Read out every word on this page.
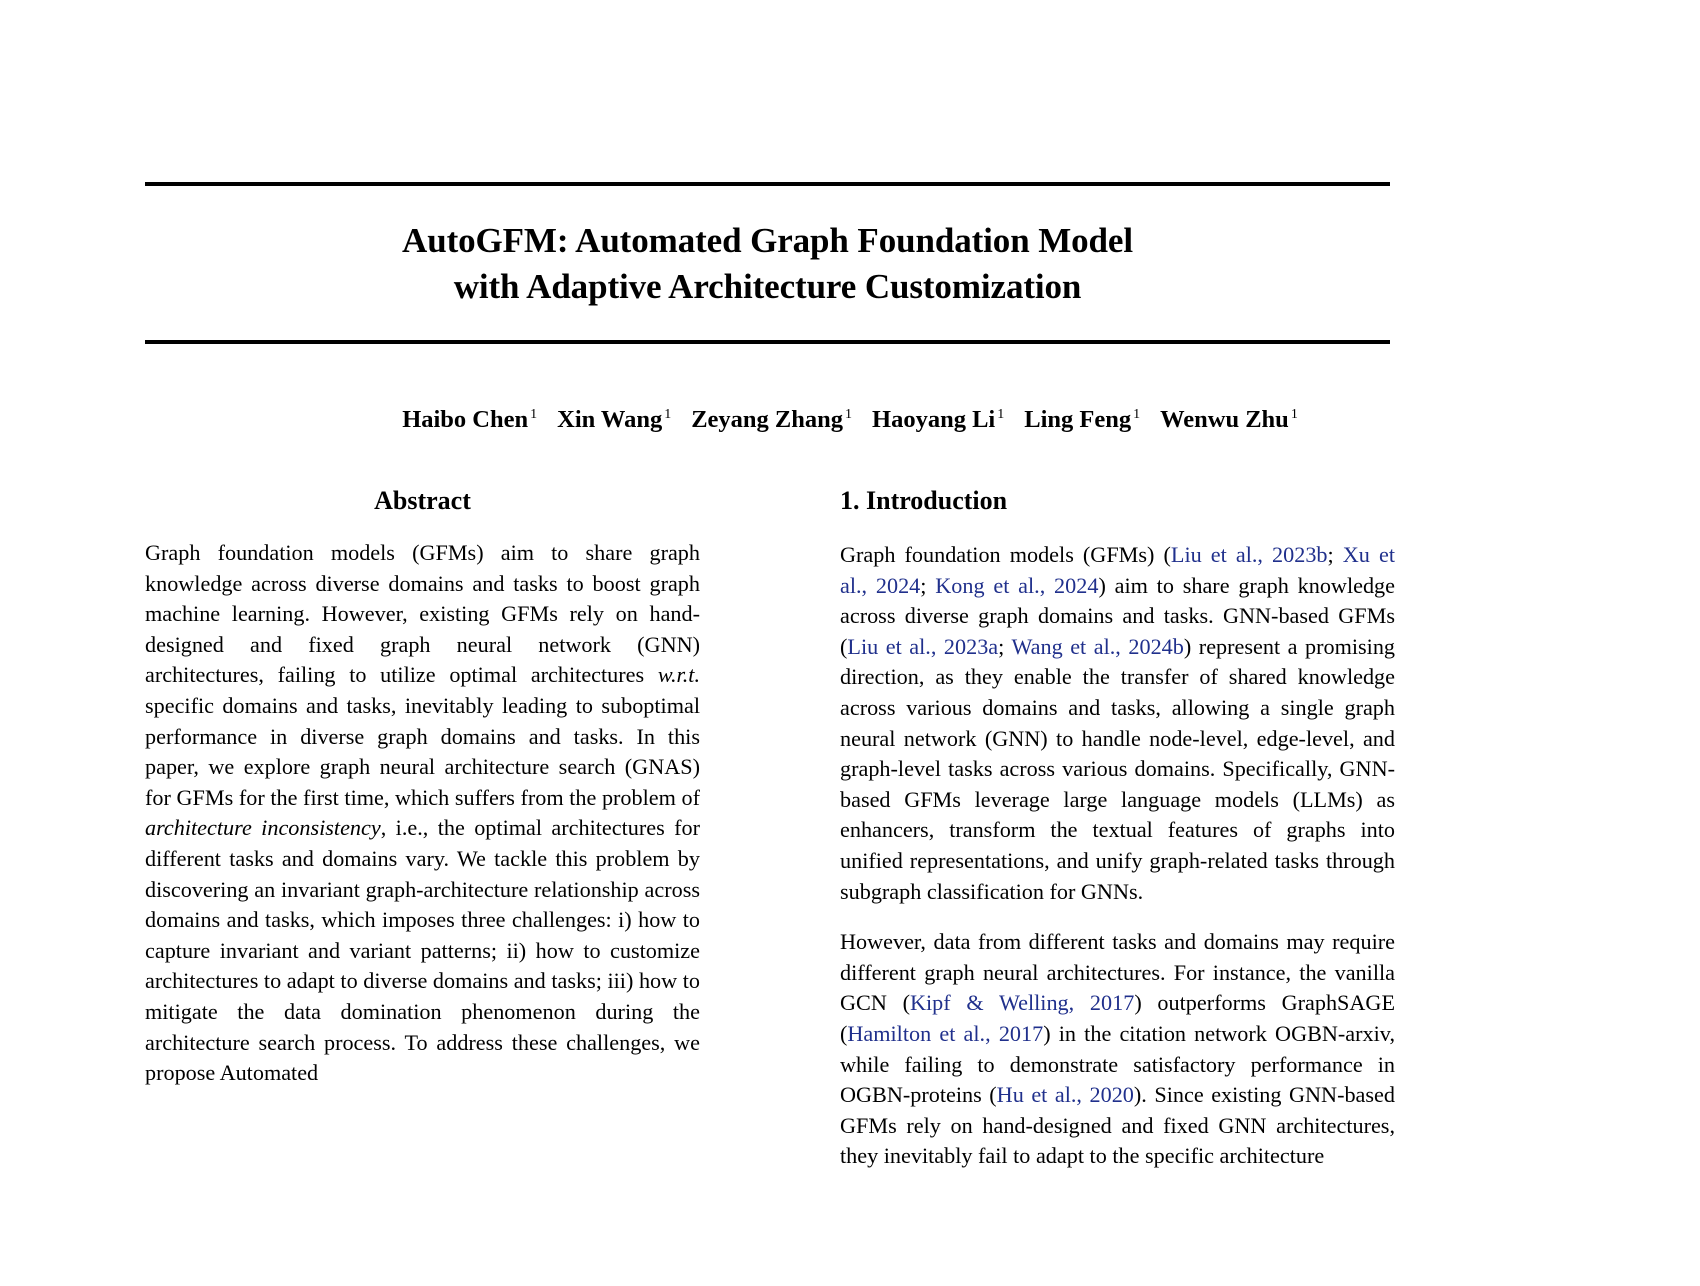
AutoGFM: Automated Graph Foundation Model
with Adaptive Architecture Customization
Haibo Chen $^1$ Xin Wang $^1$ Zeyang Zhang $^1$ Haoyang Li $^1$ Ling Feng $^1$ Wenwu Zhu $^1$
Abstract

Graph foundation models (GFMs) aim to share graph knowledge across diverse domains and tasks to boost graph machine learning. However, existing GFMs rely on hand-designed and fixed graph neural network (GNN) architectures, failing to utilize optimal architectures w.r.t. specific domains and tasks, inevitably leading to suboptimal performance in diverse graph domains and tasks. In this paper, we explore graph neural architecture search (GNAS) for GFMs for the first time, which suffers from the problem of architecture inconsistency, i.e., the optimal architectures for different tasks and domains vary. We tackle this problem by discovering an invariant graph-architecture relationship across domains and tasks, which imposes three challenges: i) how to capture invariant and variant patterns; ii) how to customize architectures to adapt to diverse domains and tasks; iii) how to mitigate the data domination phenomenon during the architecture search process. To address these challenges, we propose Automated

1. Introduction

Graph foundation models (GFMs) (Liu et al., 2023b; Xu et al., 2024; Kong et al., 2024) aim to share graph knowledge across diverse graph domains and tasks. GNN-based GFMs (Liu et al., 2023a; Wang et al., 2024b) represent a promising direction, as they enable the transfer of shared knowledge across various domains and tasks, allowing a single graph neural network (GNN) to handle node-level, edge-level, and graph-level tasks across various domains. Specifically, GNN-based GFMs leverage large language models (LLMs) as enhancers, transform the textual features of graphs into unified representations, and unify graph-related tasks through subgraph classification for GNNs.

However, data from different tasks and domains may require different graph neural architectures. For instance, the vanilla GCN (Kipf & Welling, 2017) outperforms GraphSAGE (Hamilton et al., 2017) in the citation network OGBN-arxiv, while failing to demonstrate satisfactory performance in OGBN-proteins (Hu et al., 2020). Since existing GNN-based GFMs rely on hand-designed and fixed GNN architectures, they inevitably fail to adapt to the specific architecture
